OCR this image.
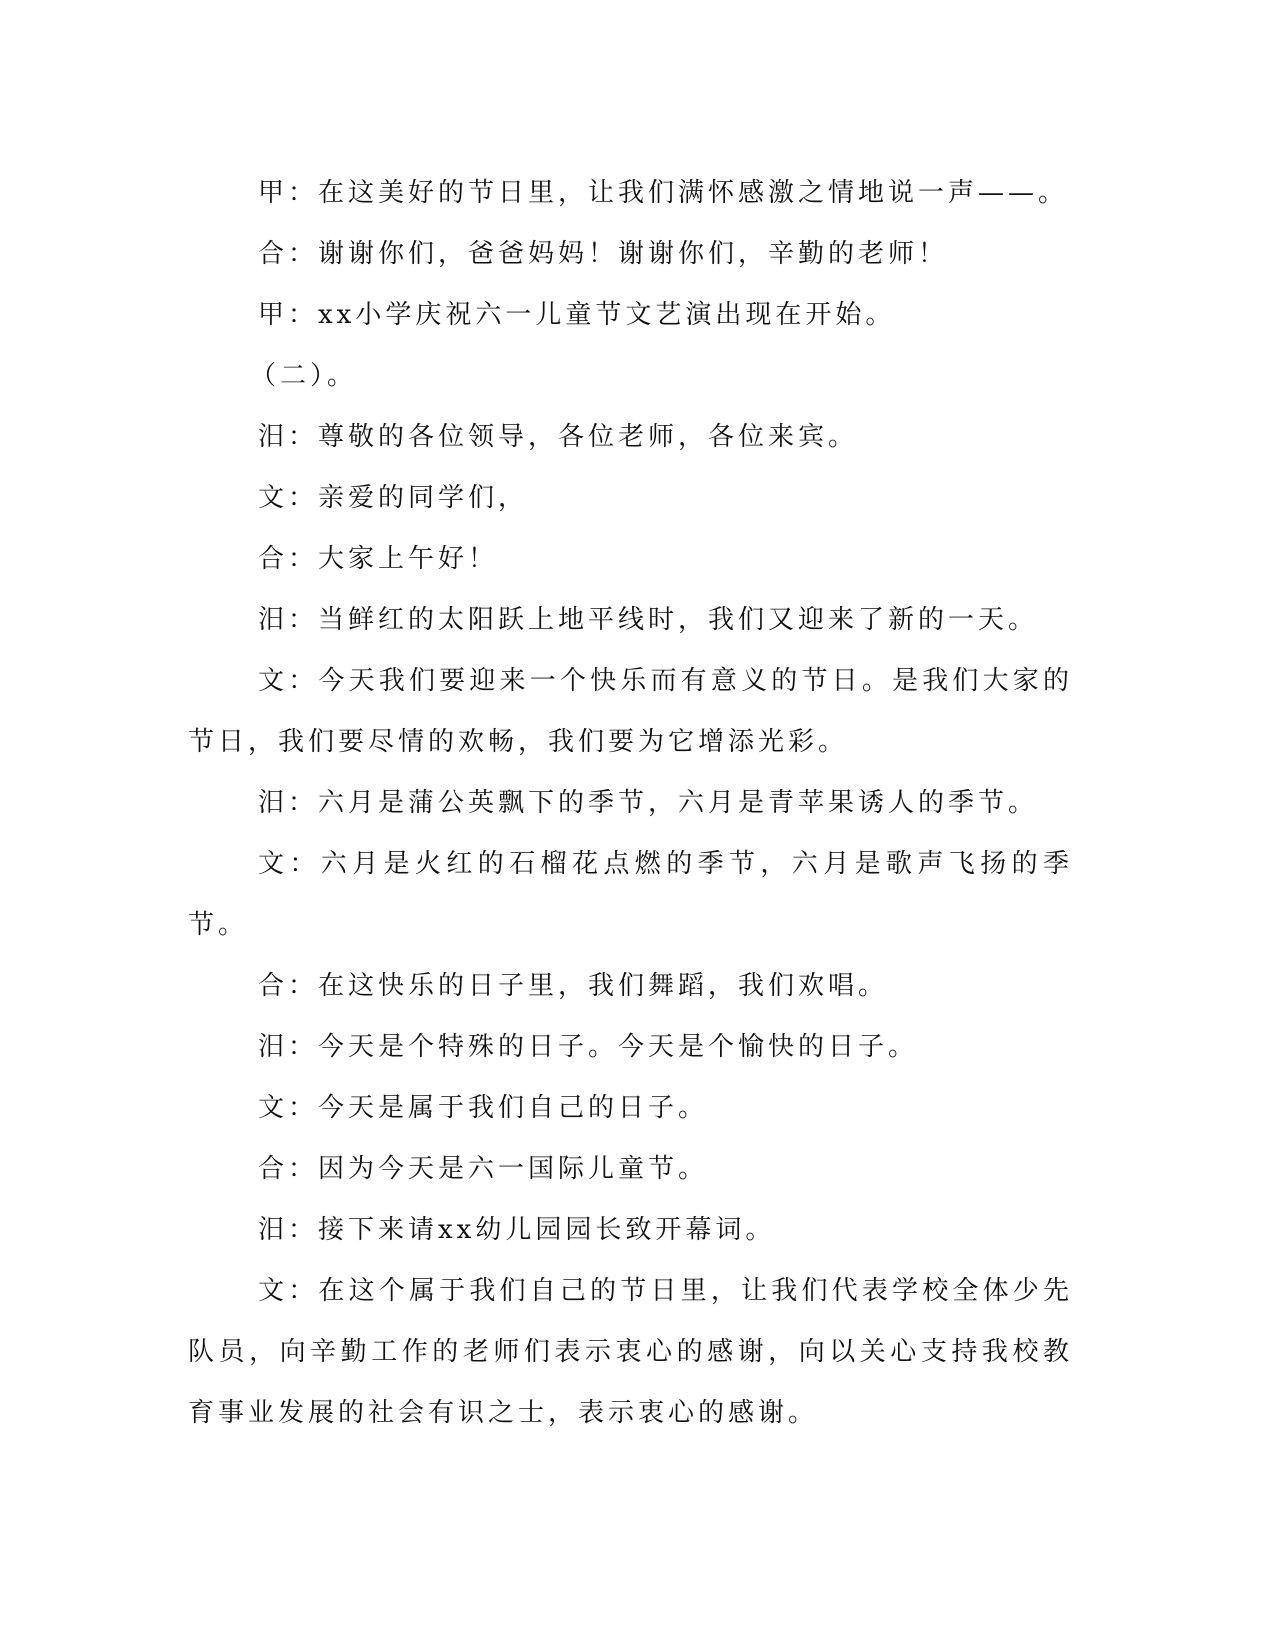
甲：在这美好的节日里，让我们满怀感激之情地说一声——。

合：谢谢你们，爸爸妈妈！谢谢你们，辛勤的老师！

甲：xx小学庆祝六一儿童节文艺演出现在开始。

（二）。

汨：尊敬的各位领导，各位老师，各位来宾。

文：亲爱的同学们，

合：大家上午好！

汨：当鲜红的太阳跃上地平线时，我们又迎来了新的一天。

文：今天我们要迎来一个快乐而有意义的节日。是我们大家的节日，我们要尽情的欢畅，我们要为它增添光彩。

汨：六月是蒲公英飘下的季节，六月是青苹果诱人的季节。

文：六月是火红的石榴花点燃的季节，六月是歌声飞扬的季节。

合：在这快乐的日子里，我们舞蹈，我们欢唱。

汨：今天是个特殊的日子。今天是个愉快的日子。

文：今天是属于我们自己的日子。

合：因为今天是六一国际儿童节。

汨：接下来请xx幼儿园园长致开幕词。

文：在这个属于我们自己的节日里，让我们代表学校全体少先队员，向辛勤工作的老师们表示衷心的感谢，向以关心支持我校教育事业发展的社会有识之士，表示衷心的感谢。
